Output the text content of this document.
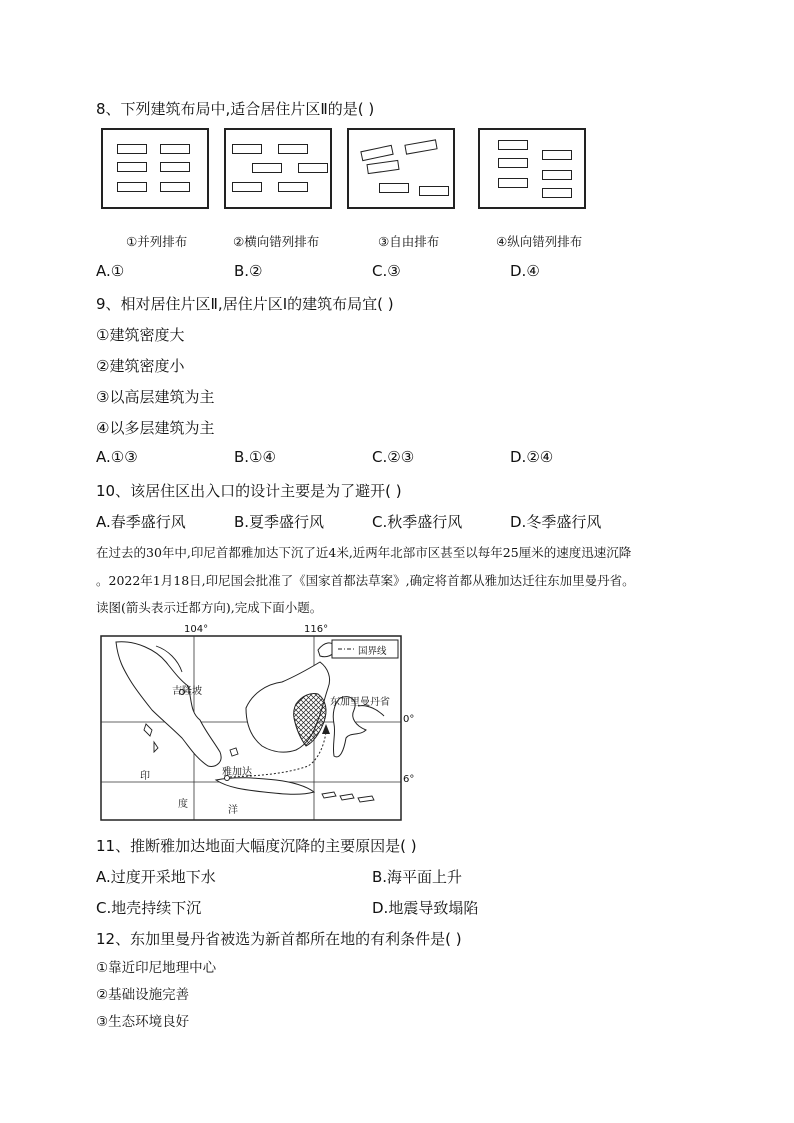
8、下列建筑布局中,适合居住片区Ⅱ的是( )
①并列排布	②横向错列排布	③自由排布	④纵向错列排布
A.①	B.②	C.③	D.④
9、相对居住片区Ⅱ,居住片区Ⅰ的建筑布局宜( )
①建筑密度大
②建筑密度小
③以高层建筑为主
④以多层建筑为主
A.①③	B.①④	C.②③	D.②④
10、该居住区出入口的设计主要是为了避开( )
A.春季盛行风	B.夏季盛行风	C.秋季盛行风	D.冬季盛行风
在过去的30年中,印尼首都雅加达下沉了近4米,近两年北部市区甚至以每年25厘米的速度迅速沉降
。2022年1月18日,印尼国会批准了《国家首都法草案》,确定将首都从雅加达迁往东加里曼丹省。
读图(箭头表示迁都方向),完成下面小题。
104°	116°
0°
6°
国界线
吉隆坡
东加里曼丹省
雅加达
印
度
洋
11、推断雅加达地面大幅度沉降的主要原因是( )
A.过度开采地下水	B.海平面上升
C.地壳持续下沉	D.地震导致塌陷
12、东加里曼丹省被选为新首都所在地的有利条件是( )
①靠近印尼地理中心
②基础设施完善
③生态环境良好
